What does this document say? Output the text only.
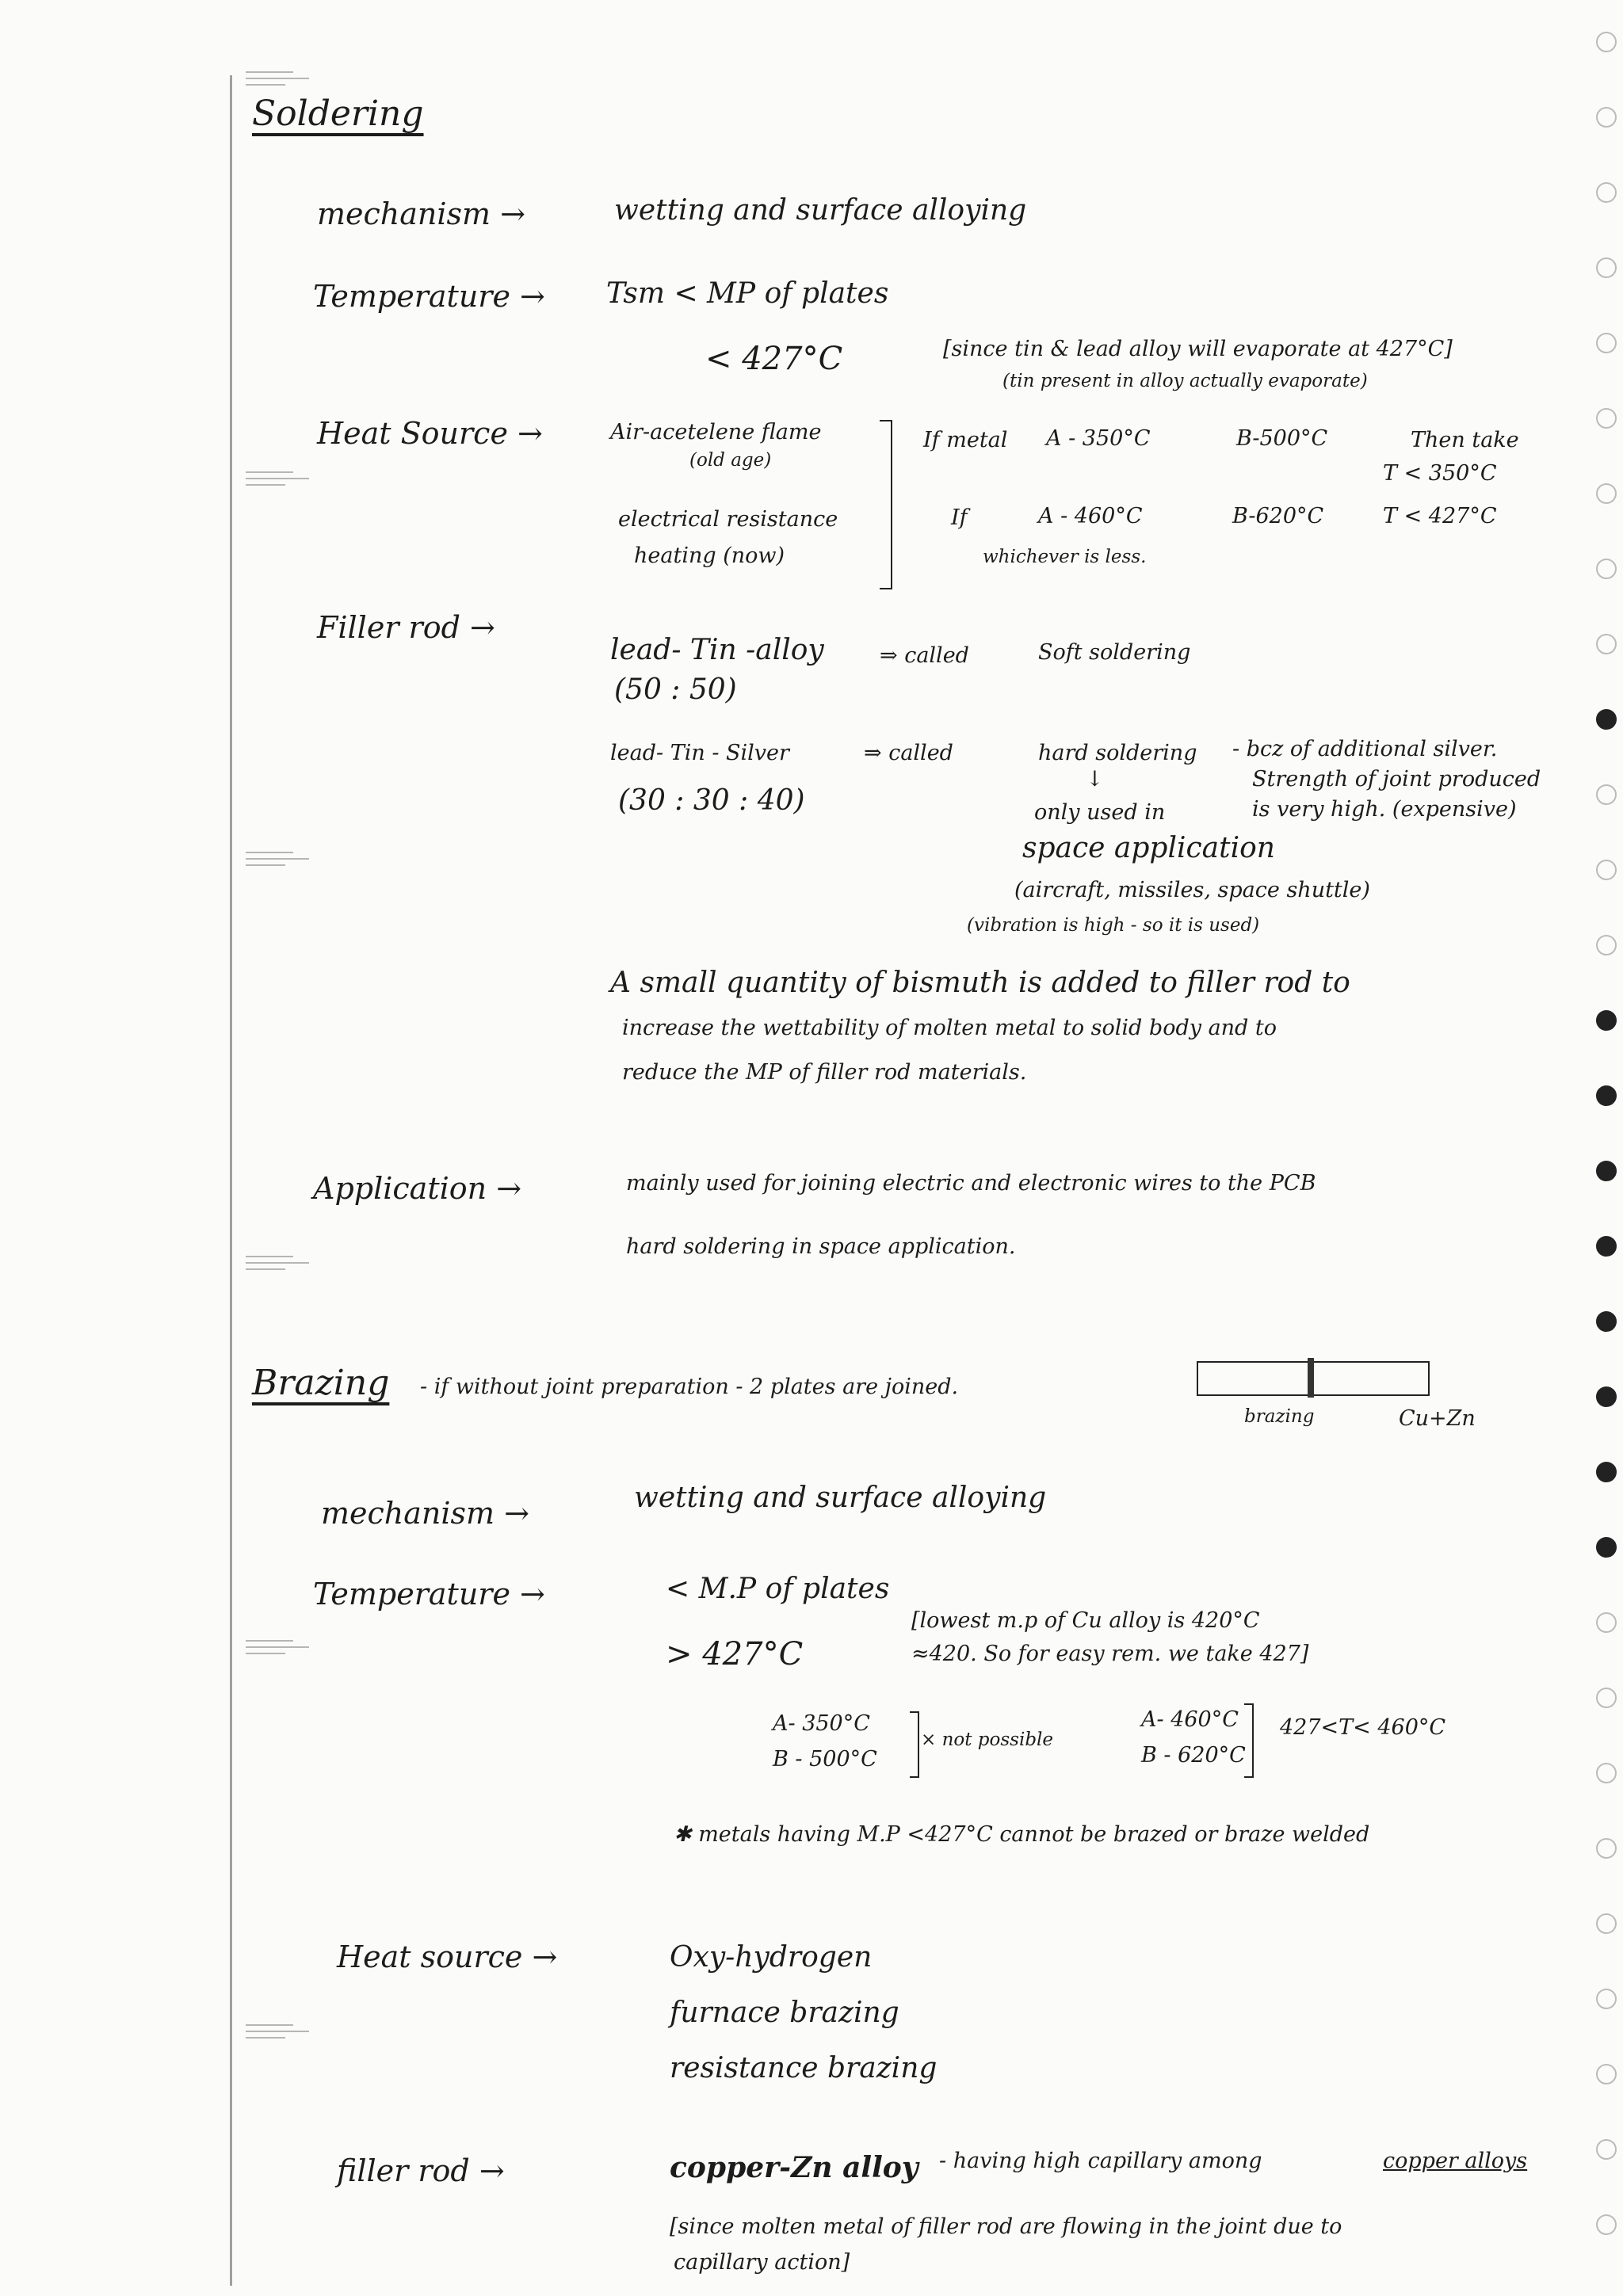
Soldering
mechanism →	wetting and surface alloying
Temperature → Tsm < MP of plates
< 427°C	[since tin & lead alloy will evaporate at 427°C]
(tin present in alloy actually evaporate)
Heat Source →	Air-acetelene flame
(old age)
electrical resistance
heating (now)
If metal A - 350°C	B-500°C	Then take
T < 350°C
If	A - 460°C	B-620°C	T < 427°C
whichever is less.
Filler rod →
lead- Tin -alloy
(50 : 50)
⇒ called	Soft soldering
lead- Tin - Silver
(30 : 30 : 40)
⇒ called	hard soldering - bcz of additional silver.
Strength of joint produced
is very high. (expensive)
↓
only used in
space application
(aircraft, missiles, space shuttle)
(vibration is high - so it is used)
A small quantity of bismuth is added to filler rod to
increase the wettability of molten metal to solid body and to
reduce the MP of filler rod materials.
Application →	mainly used for joining electric and electronic wires to the PCB
hard soldering in space application.
Brazing - if without joint preparation - 2 plates are joined.
brazing	Cu+Zn
mechanism →	wetting and surface alloying
Temperature →	< M.P of plates
> 427°C
[lowest m.p of Cu alloy is 420°C
≈420. So for easy rem. we take 427]
A- 350°C
B - 500°C
× not possible
A- 460°C
B - 620°C
427<T< 460°C
✱ metals having M.P <427°C cannot be brazed or braze welded
Heat source →	Oxy-hydrogen
furnace brazing
resistance brazing
filler rod →	copper-Zn alloy - having high capillary among	copper alloys
[since molten metal of filler rod are flowing in the joint due to
capillary action]
